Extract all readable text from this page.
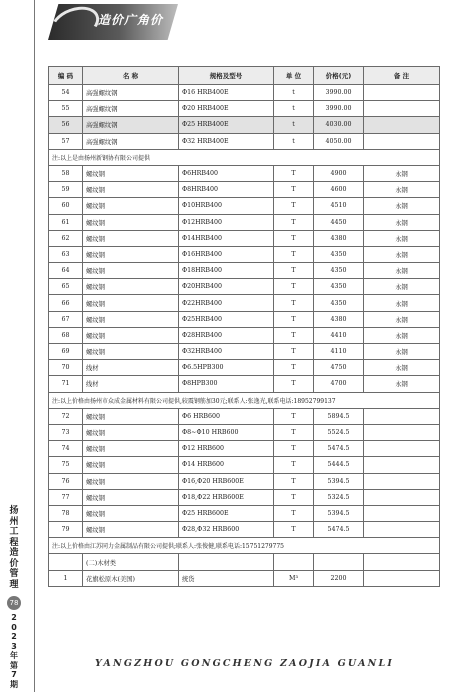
造价广角价
扬
州
工
程
造
价
管
理
78
2
0
2
3
年
第
7
期
编 码	名 称	规格及型号	单 位	价格(元)	备 注
54	高强螺纹钢	Φ16 HRB400E	t	3990.00	
55	高强螺纹钢	Φ20 HRB400E	t	3990.00	
56	高强螺纹钢	Φ25 HRB400E	t	4030.00	
57	高强螺纹钢	Φ32 HRB400E	t	4050.00	
注:以上是由扬州新钢协有限公司提供					
58	螺纹钢	Φ6HRB400	T	4900	永钢
59	螺纹钢	Φ8HRB400	T	4600	永钢
60	螺纹钢	Φ10HRB400	T	4510	永钢
61	螺纹钢	Φ12HRB400	T	4450	永钢
62	螺纹钢	Φ14HRB400	T	4380	永钢
63	螺纹钢	Φ16HRB400	T	4350	永钢
64	螺纹钢	Φ18HRB400	T	4350	永钢
65	螺纹钢	Φ20HRB400	T	4350	永钢
66	螺纹钢	Φ22HRB400	T	4350	永钢
67	螺纹钢	Φ25HRB400	T	4380	永钢
68	螺纹钢	Φ28HRB400	T	4410	永钢
69	螺纹钢	Φ32HRB400	T	4110	永钢
70	线材	Φ6.5HPB300	T	4750	永钢
71	线材	Φ8HPB300	T	4700	永钢
注:以上价格由扬州市众成金属材料有限公司提供,较震钢筋加30元;联系人:张逸光,联系电话:18952799137					
72	螺纹钢	Φ6 HRB600	T	5894.5	
73	螺纹钢	Φ8~Φ10 HRB600	T	5524.5	
74	螺纹钢	Φ12 HRB600	T	5474.5	
75	螺纹钢	Φ14 HRB600	T	5444.5	
76	螺纹钢	Φ16,Φ20 HRB600E	T	5394.5	
77	螺纹钢	Φ18,Φ22 HRB600E	T	5324.5	
78	螺纹钢	Φ25 HRB600E	T	5394.5	
79	螺纹钢	Φ28,Φ32 HRB600	T	5474.5	
注:以上价格由江苏同力金属制品有限公司提供;联系人:张俊健,联系电话:15751279775					
	(二)木材类				
1	花旗松原木(美国)	统货	M³	2200	
YANGZHOU GONGCHENG ZAOJIA GUANLI
